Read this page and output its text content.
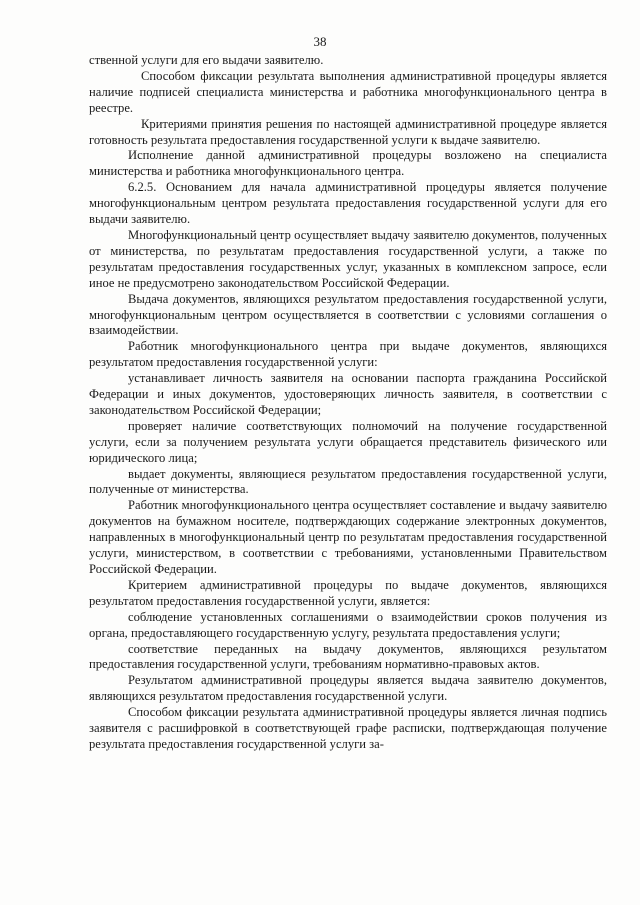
38

ственной услуги для его выдачи заявителю.

Способом фиксации результата выполнения административной процедуры является наличие подписей специалиста министерства и работника многофункционального центра в реестре.

Критериями принятия решения по настоящей административной процедуре является готовность результата предоставления государственной услуги к выдаче заявителю.

Исполнение данной административной процедуры возложено на специалиста министерства и работника многофункционального центра.

6.2.5. Основанием для начала административной процедуры является получение многофункциональным центром результата предоставления государственной услуги для его выдачи заявителю.

Многофункциональный центр осуществляет выдачу заявителю документов, полученных от министерства, по результатам предоставления государственной услуги, а также по результатам предоставления государственных услуг, указанных в комплексном запросе, если иное не предусмотрено законодательством Российской Федерации.

Выдача документов, являющихся результатом предоставления государственной услуги, многофункциональным центром осуществляется в соответствии с условиями соглашения о взаимодействии.

Работник многофункционального центра при выдаче документов, являющихся результатом предоставления государственной услуги:

устанавливает личность заявителя на основании паспорта гражданина Российской Федерации и иных документов, удостоверяющих личность заявителя, в соответствии с законодательством Российской Федерации;

проверяет наличие соответствующих полномочий на получение государственной услуги, если за получением результата услуги обращается представитель физического или юридического лица;

выдает документы, являющиеся результатом предоставления государственной услуги, полученные от министерства.

Работник многофункционального центра осуществляет составление и выдачу заявителю документов на бумажном носителе, подтверждающих содержание электронных документов, направленных в многофункциональный центр по результатам предоставления государственной услуги, министерством, в соответствии с требованиями, установленными Правительством Российской Федерации.

Критерием административной процедуры по выдаче документов, являющихся результатом предоставления государственной услуги, является:

соблюдение установленных соглашениями о взаимодействии сроков получения из органа, предоставляющего государственную услугу, результата предоставления услуги;

соответствие переданных на выдачу документов, являющихся результатом предоставления государственной услуги, требованиям нормативно-правовых актов.

Результатом административной процедуры является выдача заявителю документов, являющихся результатом предоставления государственной услуги.

Способом фиксации результата административной процедуры является личная подпись заявителя с расшифровкой в соответствующей графе расписки, подтверждающая получение результата предоставления государственной услуги за-
